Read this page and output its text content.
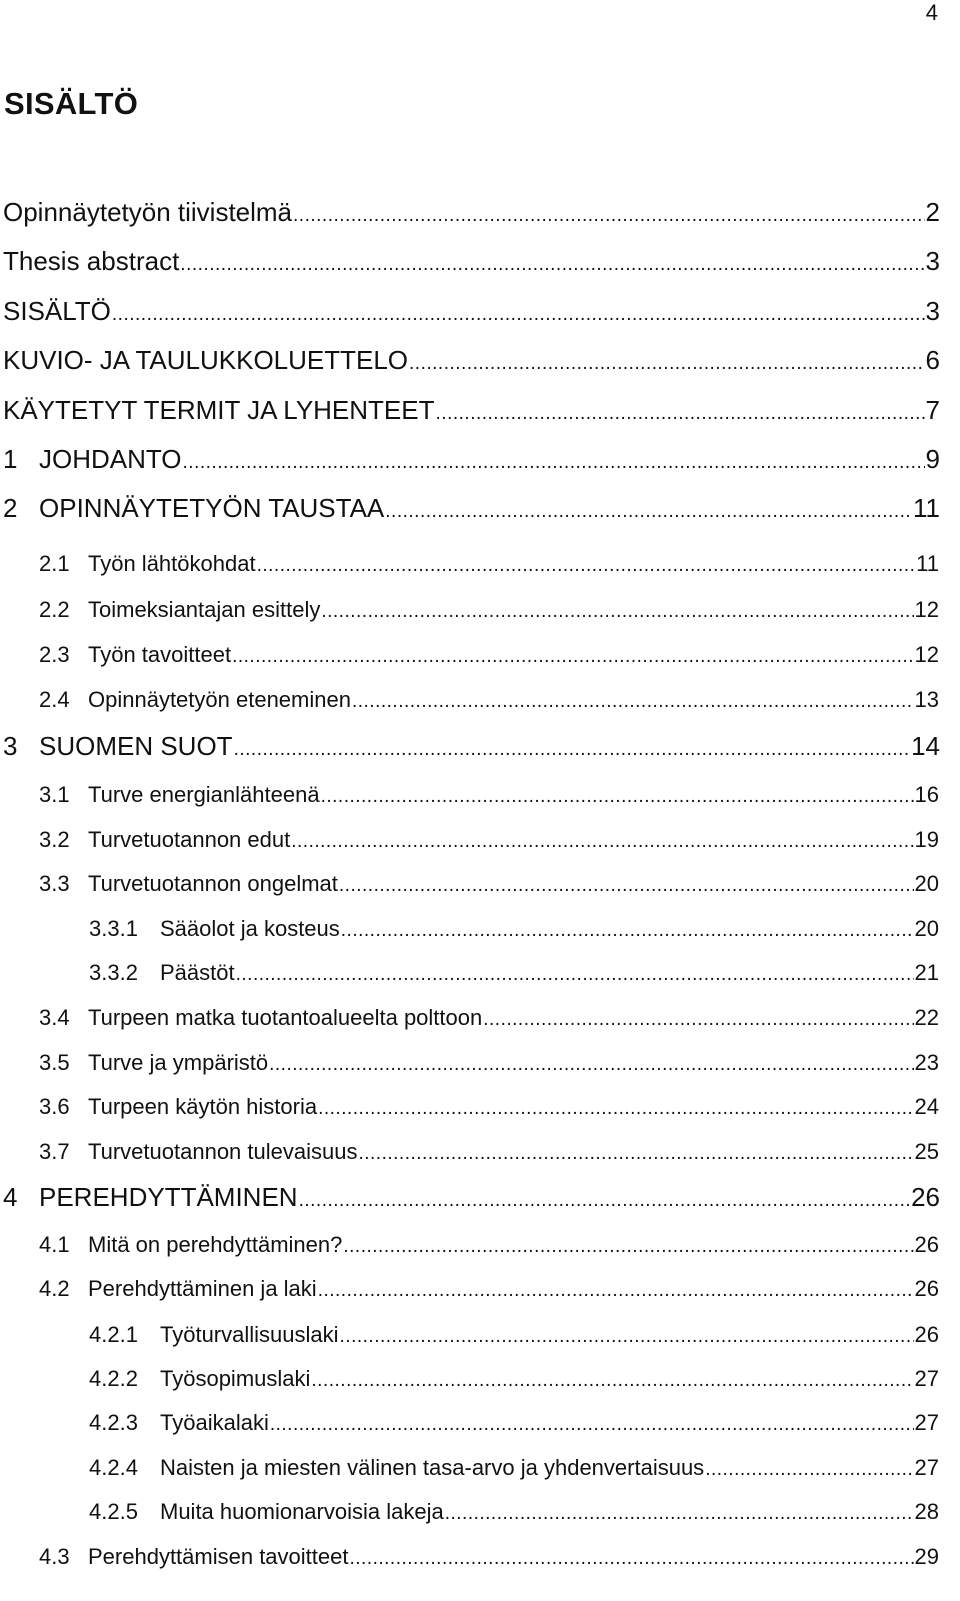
4
SISÄLTÖ
Opinnäytetyön tiivistelmä .....	2
Thesis abstract .....	3
SISÄLTÖ .....	3
KUVIO- JA TAULUKKOLUETTELO .....	6
KÄYTETYT TERMIT JA LYHENTEET .....	7
1 JOHDANTO .....	9
2 OPINNÄYTETYÖN TAUSTAA .....	11
2.1 Työn lähtökohdat .....	11
2.2 Toimeksiantajan esittely .....	12
2.3 Työn tavoitteet .....	12
2.4 Opinnäytetyön eteneminen .....	13
3 SUOMEN SUOT .....	14
3.1 Turve energianlähteenä .....	16
3.2 Turvetuotannon edut .....	19
3.3 Turvetuotannon ongelmat .....	20
3.3.1	Sääolot ja kosteus .....	20
3.3.2	Päästöt .....	21
3.4 Turpeen matka tuotantoalueelta polttoon .....	22
3.5 Turve ja ympäristö .....	23
3.6 Turpeen käytön historia .....	24
3.7 Turvetuotannon tulevaisuus .....	25
4 PEREHDYTTÄMINEN .....	26
4.1 Mitä on perehdyttäminen? .....	26
4.2 Perehdyttäminen ja laki .....	26
4.2.1	Työturvallisuuslaki .....	26
4.2.2	Työsopimuslaki .....	27
4.2.3	Työaikalaki .....	27
4.2.4	Naisten ja miesten välinen tasa-arvo ja yhdenvertaisuus .....	27
4.2.5	Muita huomionarvoisia lakeja .....	28
4.3 Perehdyttämisen tavoitteet .....	29
